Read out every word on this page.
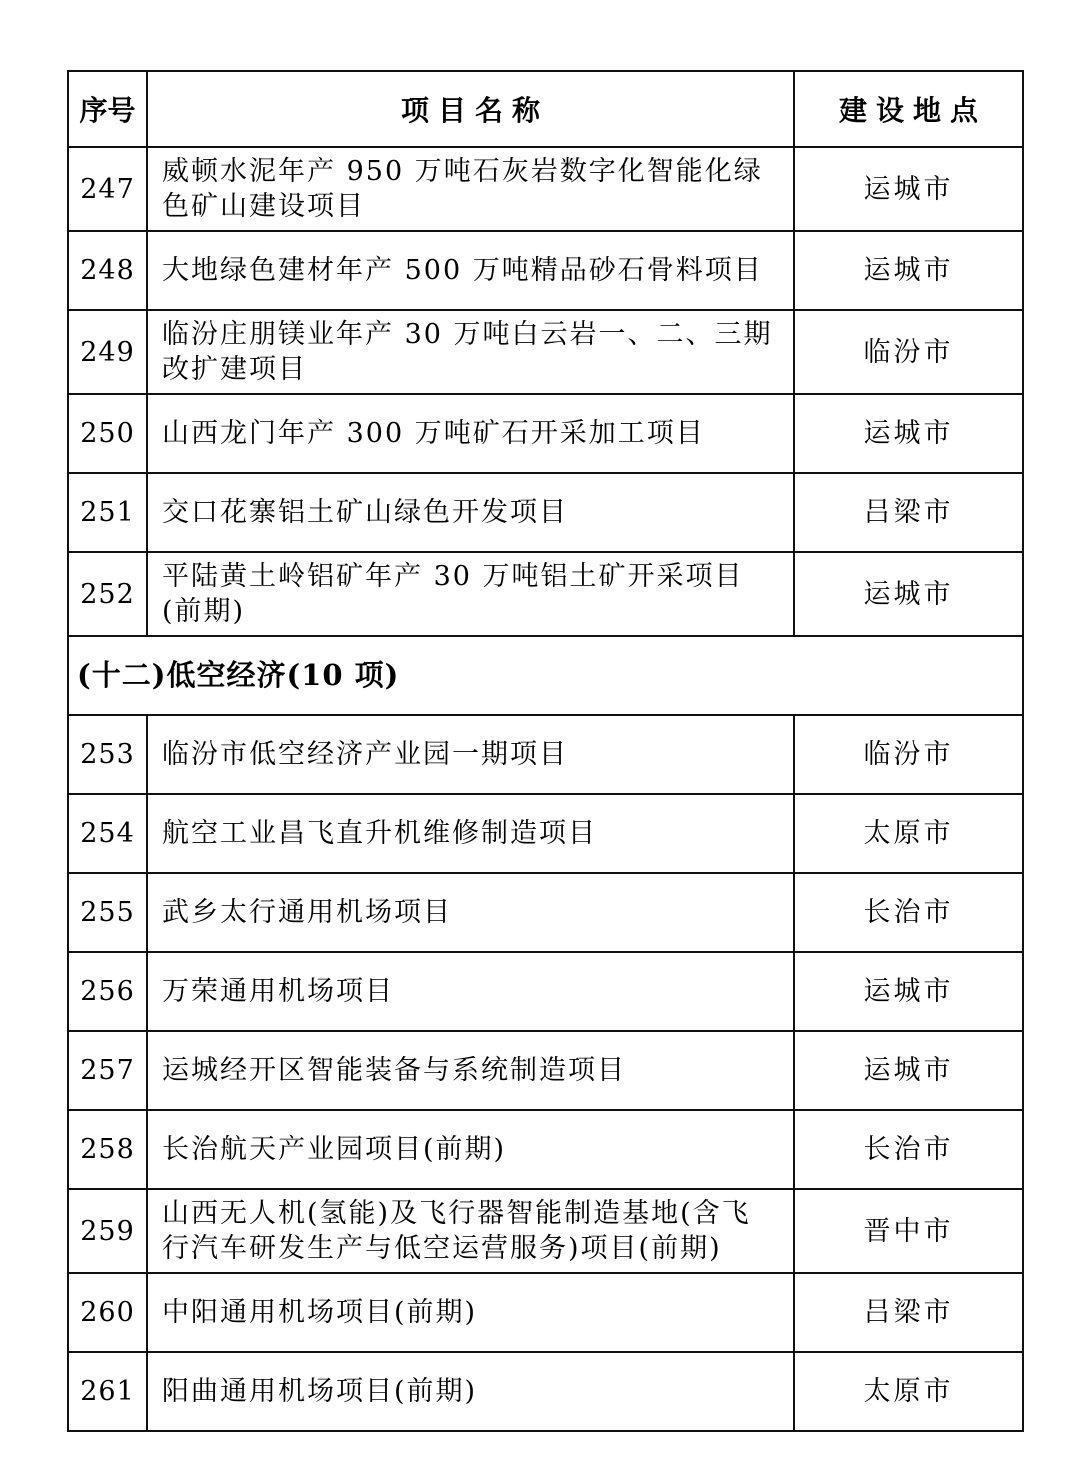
序号	项目名称	建设地点
247	威顿水泥年产 950 万吨石灰岩数字化智能化绿色矿山建设项目	运城市
248	大地绿色建材年产 500 万吨精品砂石骨料项目	运城市
249	临汾庄朋镁业年产 30 万吨白云岩一、二、三期改扩建项目	临汾市
250	山西龙门年产 300 万吨矿石开采加工项目	运城市
251	交口花寨铝土矿山绿色开发项目	吕梁市
252	平陆黄土岭铝矿年产 30 万吨铝土矿开采项目(前期)	运城市
(十二)低空经济(10 项)		
253	临汾市低空经济产业园一期项目	临汾市
254	航空工业昌飞直升机维修制造项目	太原市
255	武乡太行通用机场项目	长治市
256	万荣通用机场项目	运城市
257	运城经开区智能装备与系统制造项目	运城市
258	长治航天产业园项目(前期)	长治市
259	山西无人机(氢能)及飞行器智能制造基地(含飞行汽车研发生产与低空运营服务)项目(前期)	晋中市
260	中阳通用机场项目(前期)	吕梁市
261	阳曲通用机场项目(前期)	太原市
